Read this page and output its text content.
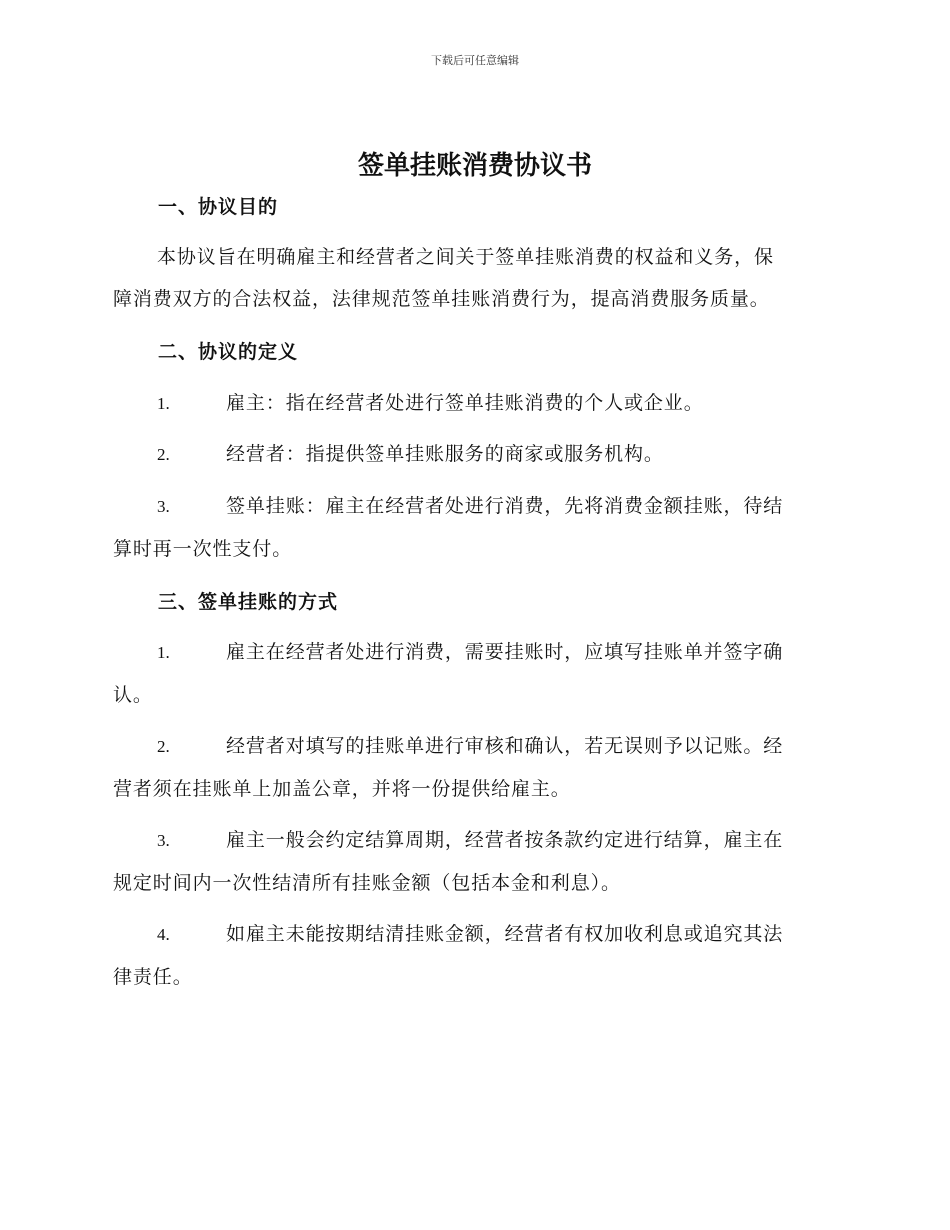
下载后可任意编辑
签单挂账消费协议书
一、协议目的
本协议旨在明确雇主和经营者之间关于签单挂账消费的权益和义务，保
障消费双方的合法权益，法律规范签单挂账消费行为，提高消费服务质量。
二、协议的定义
1.	雇主：指在经营者处进行签单挂账消费的个人或企业。
2.	经营者：指提供签单挂账服务的商家或服务机构。
3.	签单挂账：雇主在经营者处进行消费，先将消费金额挂账，待结
算时再一次性支付。
三、签单挂账的方式
1.	雇主在经营者处进行消费，需要挂账时，应填写挂账单并签字确
认。
2.	经营者对填写的挂账单进行审核和确认，若无误则予以记账。经
营者须在挂账单上加盖公章，并将一份提供给雇主。
3.	雇主一般会约定结算周期，经营者按条款约定进行结算，雇主在
规定时间内一次性结清所有挂账金额（包括本金和利息）。
4.	如雇主未能按期结清挂账金额，经营者有权加收利息或追究其法
律责任。
